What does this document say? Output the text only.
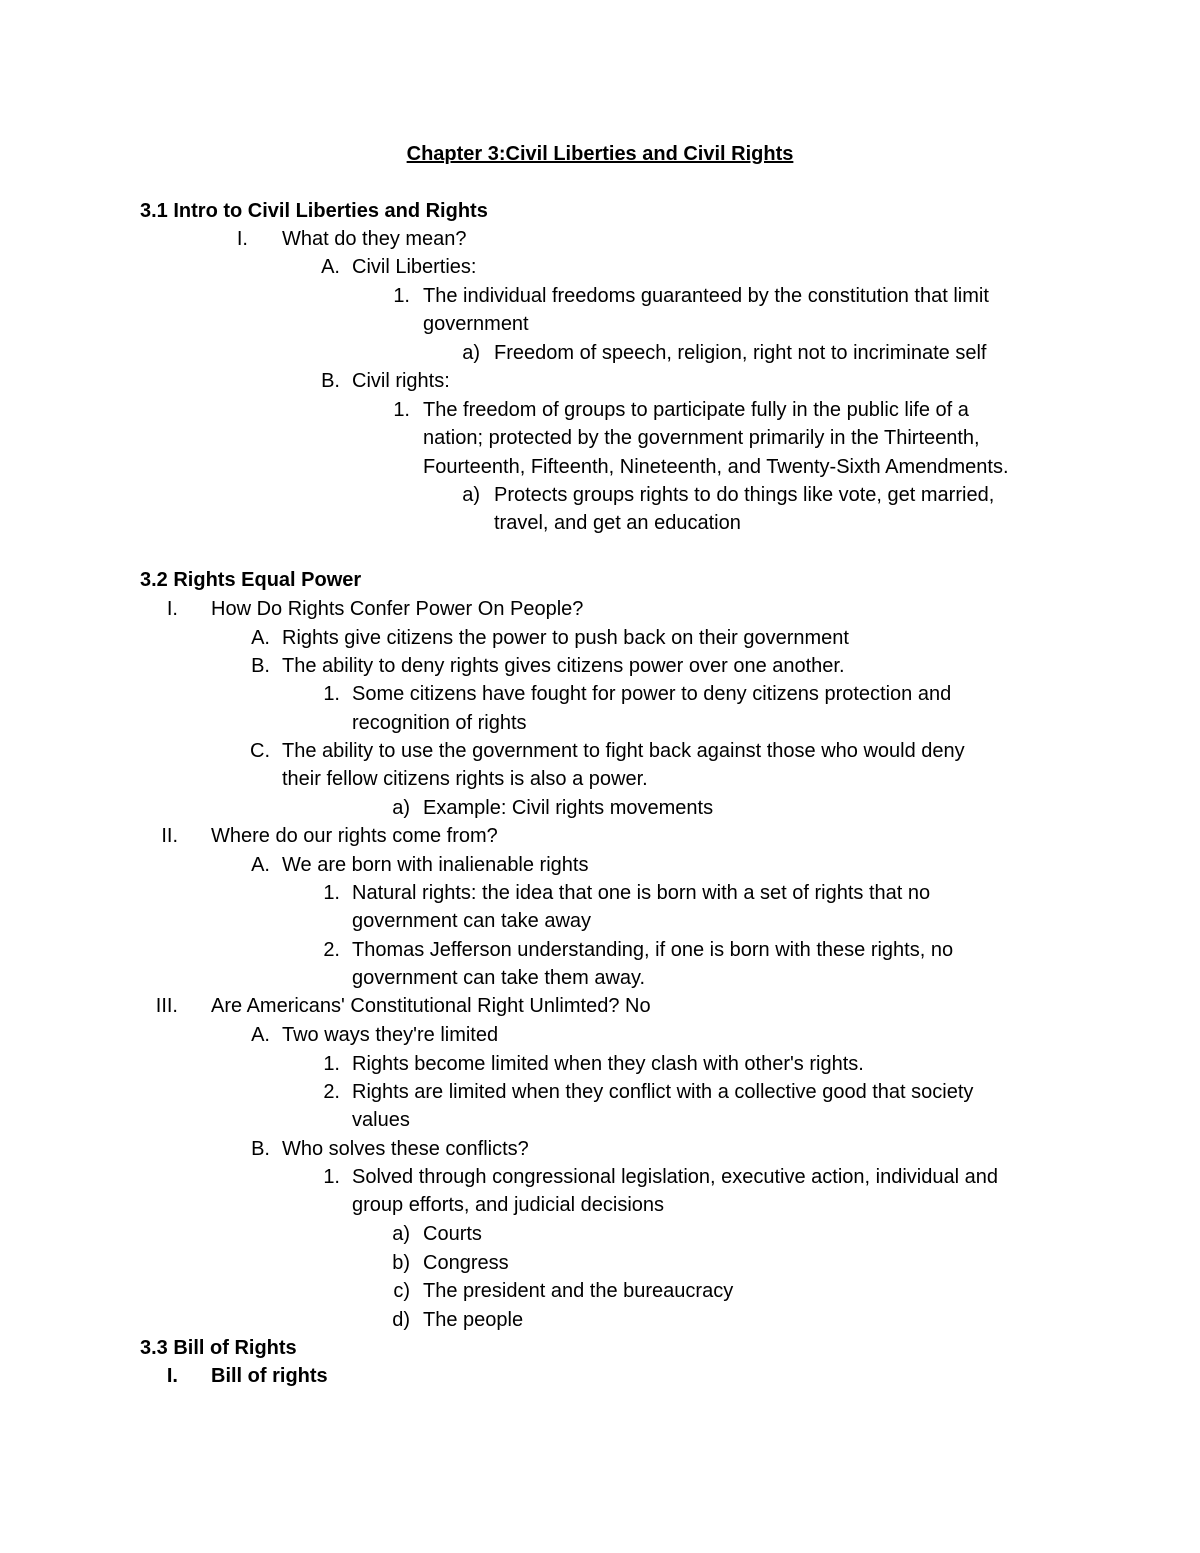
Chapter 3:Civil Liberties and Civil Rights
3.1 Intro to Civil Liberties and Rights
I. What do they mean?
A. Civil Liberties:
1. The individual freedoms guaranteed by the constitution that limit
government
a) Freedom of speech, religion, right not to incriminate self
B. Civil rights:
1. The freedom of groups to participate fully in the public life of a
nation; protected by the government primarily in the Thirteenth,
Fourteenth, Fifteenth, Nineteenth, and Twenty-Sixth Amendments.
a) Protects groups rights to do things like vote, get married,
travel, and get an education
3.2 Rights Equal Power
I. How Do Rights Confer Power On People?
A. Rights give citizens the power to push back on their government
B. The ability to deny rights gives citizens power over one another.
1. Some citizens have fought for power to deny citizens protection and
recognition of rights
C. The ability to use the government to fight back against those who would deny
their fellow citizens rights is also a power.
a) Example: Civil rights movements
II. Where do our rights come from?
A. We are born with inalienable rights
1. Natural rights: the idea that one is born with a set of rights that no
government can take away
2. Thomas Jefferson understanding, if one is born with these rights, no
government can take them away.
III. Are Americans' Constitutional Right Unlimted? No
A. Two ways they're limited
1. Rights become limited when they clash with other's rights.
2. Rights are limited when they conflict with a collective good that society
values
B. Who solves these conflicts?
1. Solved through congressional legislation, executive action, individual and
group efforts, and judicial decisions
a) Courts
b) Congress
c) The president and the bureaucracy
d) The people
3.3 Bill of Rights
I. Bill of rights
